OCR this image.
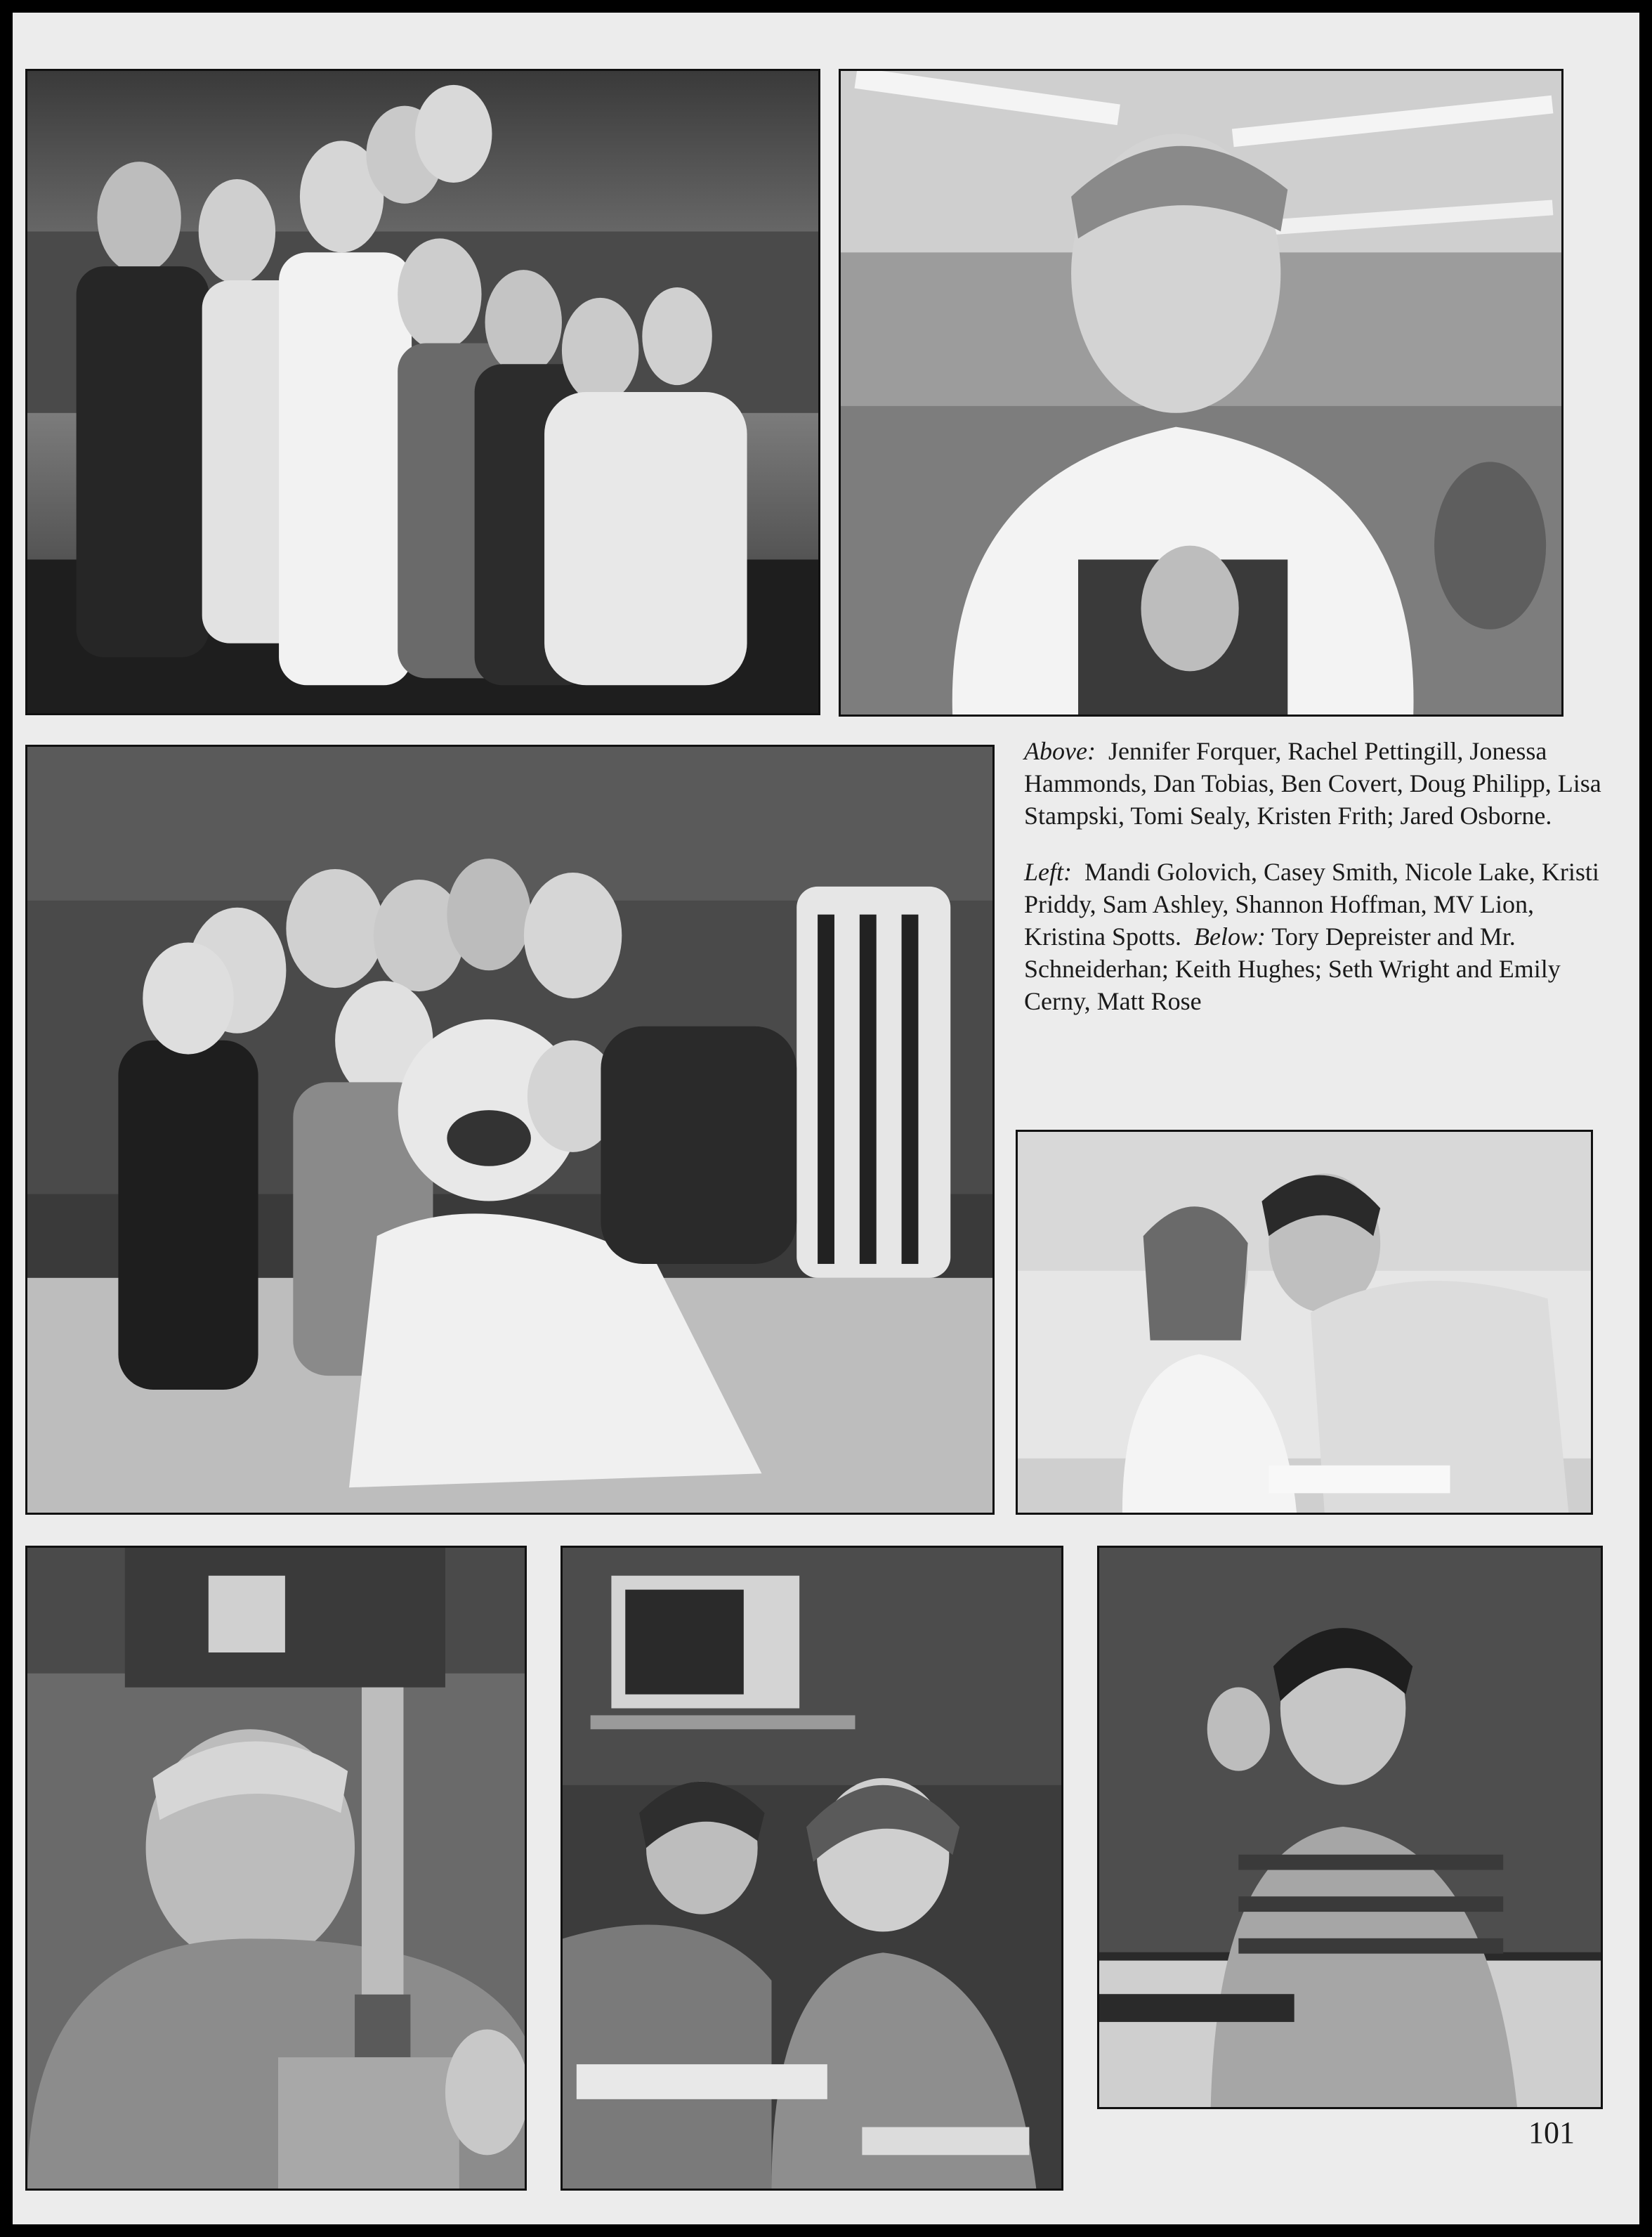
Above: Jennifer Forquer, Rachel Pettingill, Jonessa Hammonds, Dan Tobias, Ben Covert, Doug Philipp, Lisa Stampski, Tomi Sealy, Kristen Frith; Jared Osborne.

Left: Mandi Golovich, Casey Smith, Nicole Lake, Kristi Priddy, Sam Ashley, Shannon Hoffman, MV Lion, Kristina Spotts. Below: Tory Depreister and Mr. Schneiderhan; Keith Hughes; Seth Wright and Emily Cerny, Matt Rose

101
